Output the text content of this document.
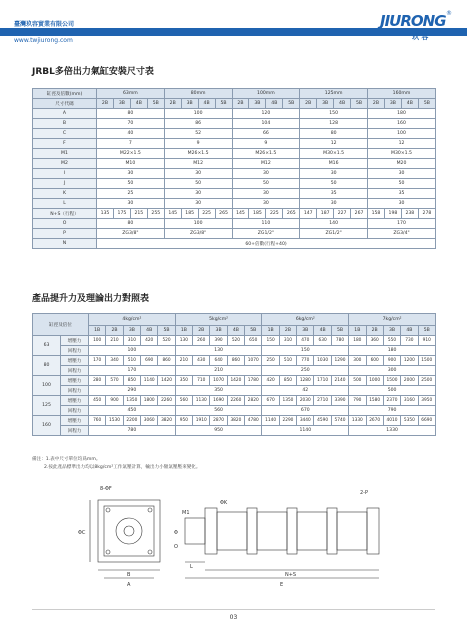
臺灣玖容實業有限公司
www.twjiurong.com
JIURONG ®
玖 容
JRBL多倍出力氣缸安裝尺寸表
缸徑及倍數(mm)	63mm				80mm				100mm				125mm				160mm			
尺寸代碼	2B	3B	4B	5B	2B	3B	4B	5B	2B	3B	4B	5B	2B	3B	4B	5B	2B	3B	4B	5B
A	80				100				120				150				180			
B	70				86				104				128				160			
C	40				52				66				80				100			
F	7				9				9				12				12			
M1	M22×1.5				M26×1.5				M26×1.5				M30×1.5				M30×1.5			
M2	M10				M12				M12				M16				M20			
I	30				30				30				30				30			
J	50				50				50				50				50			
K	25				30				30				35				35			
L	30				30				30				30				30			
N+S（行程）	135	175	215	255	145	185	225	265	145	185	225	265	147	187	227	267	158	198	238	278
O	80				100				110				140				170			
P	ZG3/8"				ZG3/8"				ZG1/2"				ZG1/2"				ZG3/4"			
N	60+倍數(行程+40)																			
產品提升力及理論出力對照表
缸徑及倍位		4kg/cm²					5kg/cm²					6kg/cm²					7kg/cm²				
		1B	2B	3B	4B	5B	1B	2B	3B	4B	5B	1B	2B	3B	4B	5B	1B	2B	3B	4B	5B
63	增壓力	100	210	310	420	520	130	260	390	520	650	150	310	470	630	780	180	360	550	730	910
	回程力	100					130					150					180				
80	增壓力	170	340	510	690	860	210	430	640	860	1070	250	510	770	1030	1290	300	600	900	1200	1500
	回程力	170					210					250					300				
100	增壓力	280	570	850	1140	1420	350	710	1070	1420	1780	420	850	1280	1710	2140	500	1000	1500	2000	2500
	回程力	290					350					42					500				
125	增壓力	450	900	1350	1800	2260	560	1130	1690	2260	2820	670	1350	2030	2710	3390	790	1580	2370	3160	3950
	回程力	450					560					670					790				
160	增壓力	760	1530	2200	3060	3820	950	1910	2870	3820	4780	1140	2290	3440	4590	5740	1330	2670	4010	5350	6690
	回程力	780					950					1140					1330				
備注：1.表中尺寸單位均爲mm。
2.按此產品標準出力均以8kg/cm²工作氣壓計算，輸出力小額氣壓壓來變化。
8-ΦF
ΦK
2-P
ΦC	Φ
O
B
A
N+S
E
L
M1
03
